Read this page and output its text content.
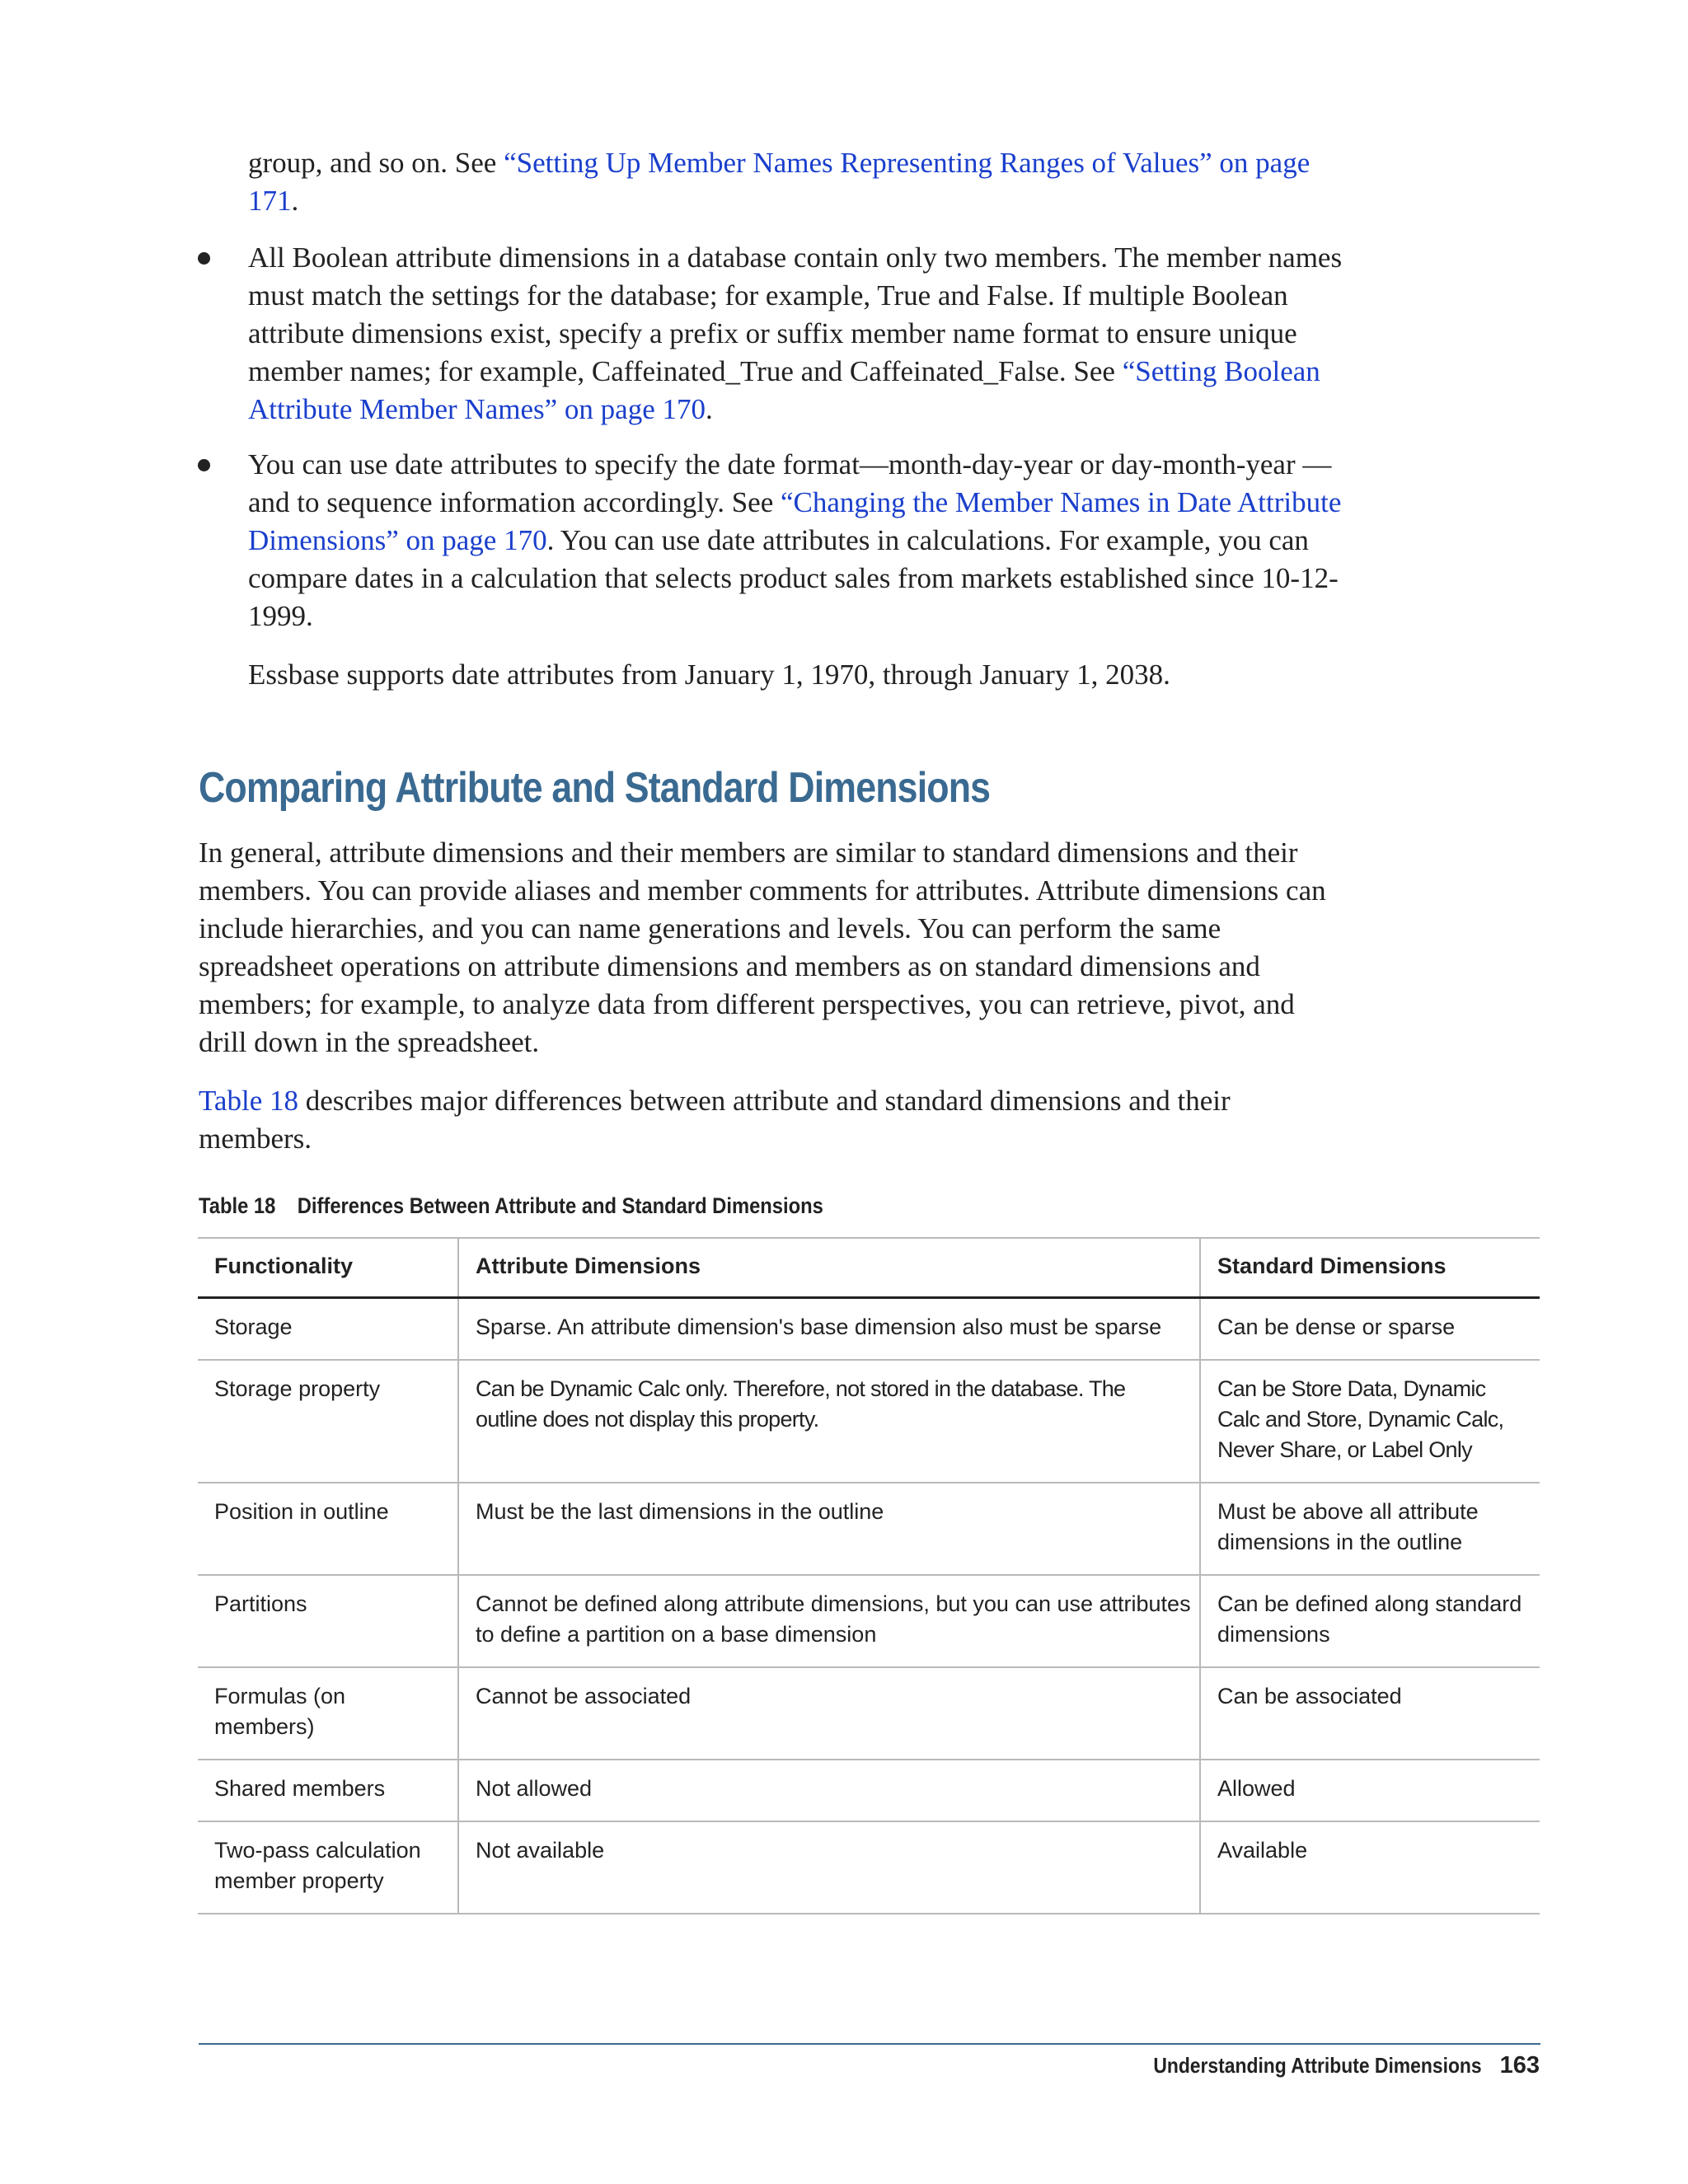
group, and so on. See “Setting Up Member Names Representing Ranges of Values” on page 171.

All Boolean attribute dimensions in a database contain only two members. The member names must match the settings for the database; for example, True and False. If multiple Boolean attribute dimensions exist, specify a prefix or suffix member name format to ensure unique member names; for example, Caffeinated_True and Caffeinated_False. See “Setting Boolean Attribute Member Names” on page 170.

You can use date attributes to specify the date format—month-day-year or day-month-year —and to sequence information accordingly. See “Changing the Member Names in Date Attribute Dimensions” on page 170. You can use date attributes in calculations. For example, you can compare dates in a calculation that selects product sales from markets established since 10-12-1999.

Essbase supports date attributes from January 1, 1970, through January 1, 2038.

Comparing Attribute and Standard Dimensions

In general, attribute dimensions and their members are similar to standard dimensions and their members. You can provide aliases and member comments for attributes. Attribute dimensions can include hierarchies, and you can name generations and levels. You can perform the same spreadsheet operations on attribute dimensions and members as on standard dimensions and members; for example, to analyze data from different perspectives, you can retrieve, pivot, and drill down in the spreadsheet.

Table 18 describes major differences between attribute and standard dimensions and their members.

Table 18 Differences Between Attribute and Standard Dimensions

Functionality	Attribute Dimensions	Standard Dimensions
Storage	Sparse. An attribute dimension's base dimension also must be sparse	Can be dense or sparse
Storage property	Can be Dynamic Calc only. Therefore, not stored in the database. The outline does not display this property.	Can be Store Data, Dynamic Calc and Store, Dynamic Calc, Never Share, or Label Only
Position in outline	Must be the last dimensions in the outline	Must be above all attribute dimensions in the outline
Partitions	Cannot be defined along attribute dimensions, but you can use attributes to define a partition on a base dimension	Can be defined along standard dimensions
Formulas (on members)	Cannot be associated	Can be associated
Shared members	Not allowed	Allowed
Two-pass calculation member property	Not available	Available

Understanding Attribute Dimensions 163
